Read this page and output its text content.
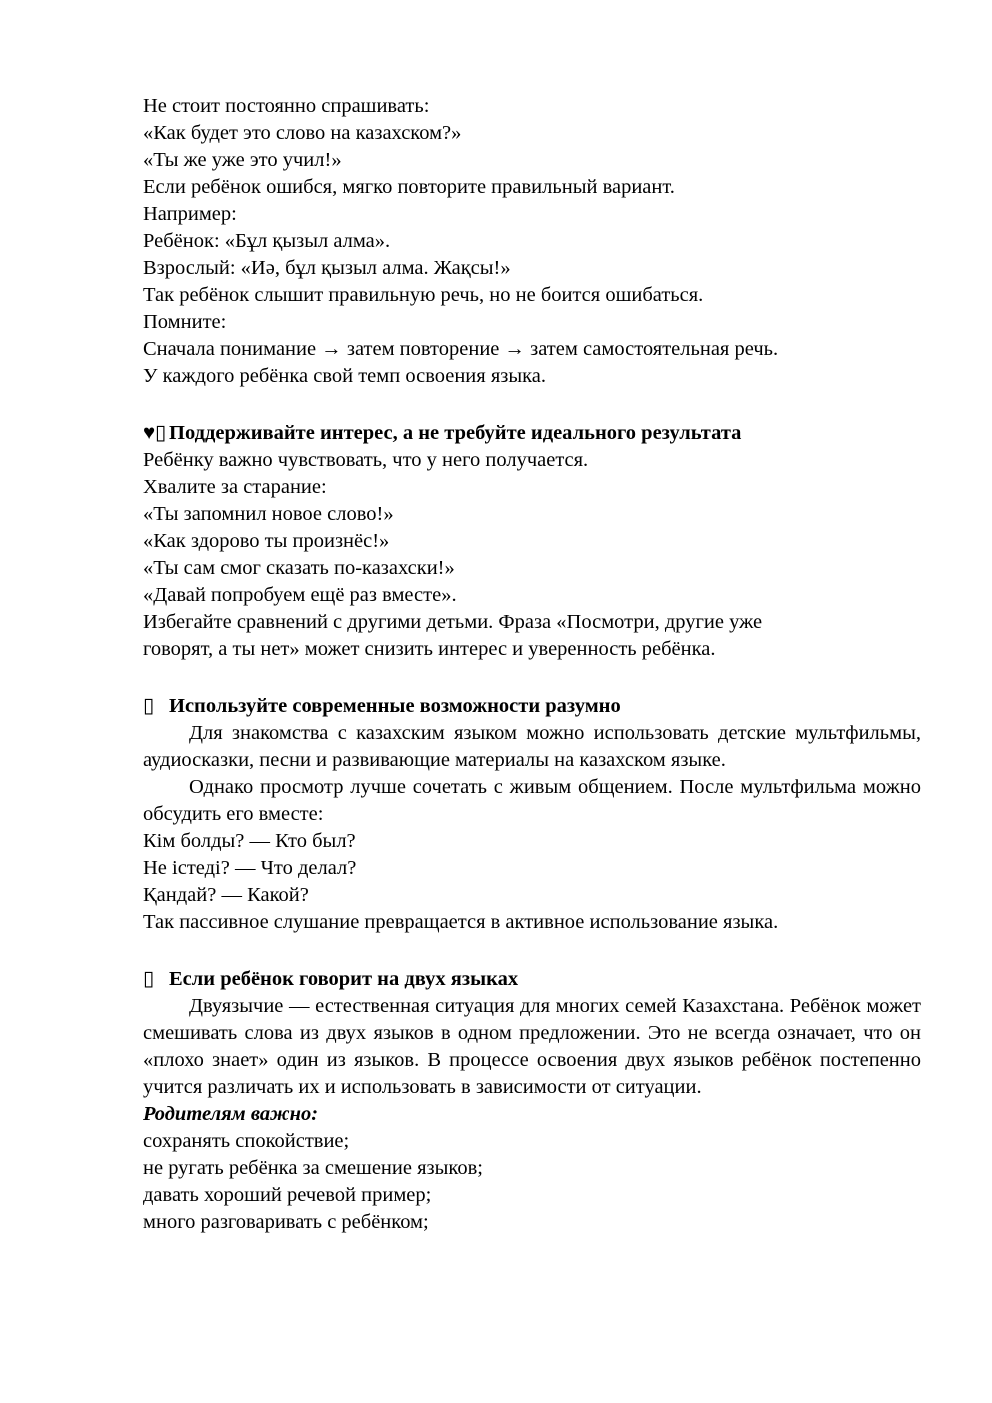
Не стоит постоянно спрашивать:
«Как будет это слово на казахском?»
«Ты же уже это учил!»
Если ребёнок ошибся, мягко повторите правильный вариант.
Например:
Ребёнок: «Бұл қызыл алма».
Взрослый: «Иә, бұл қызыл алма. Жақсы!»
Так ребёнок слышит правильную речь, но не боится ошибаться.
Помните:
Сначала понимание → затем повторение → затем самостоятельная речь.
У каждого ребёнка свой темп освоения языка.
♥▯ Поддерживайте интерес, а не требуйте идеального результата
Ребёнку важно чувствовать, что у него получается.
Хвалите за старание:
«Ты запомнил новое слово!»
«Как здорово ты произнёс!»
«Ты сам смог сказать по-казахски!»
«Давай попробуем ещё раз вместе».
Избегайте сравнений с другими детьми. Фраза «Посмотри, другие уже
говорят, а ты нет» может снизить интерес и уверенность ребёнка.
▯ Используйте современные возможности разумно
Для знакомства с казахским языком можно использовать детские мультфильмы, аудиосказки, песни и развивающие материалы на казахском языке.
Однако просмотр лучше сочетать с живым общением. После мультфильма можно обсудить его вместе:
Кім болды? — Кто был?
Не істеді? — Что делал?
Қандай? — Какой?
Так пассивное слушание превращается в активное использование языка.
▯ Если ребёнок говорит на двух языках
Двуязычие — естественная ситуация для многих семей Казахстана. Ребёнок может смешивать слова из двух языков в одном предложении. Это не всегда означает, что он «плохо знает» один из языков. В процессе освоения двух языков ребёнок постепенно учится различать их и использовать в зависимости от ситуации.
Родителям важно:
сохранять спокойствие;
не ругать ребёнка за смешение языков;
давать хороший речевой пример;
много разговаривать с ребёнком;
